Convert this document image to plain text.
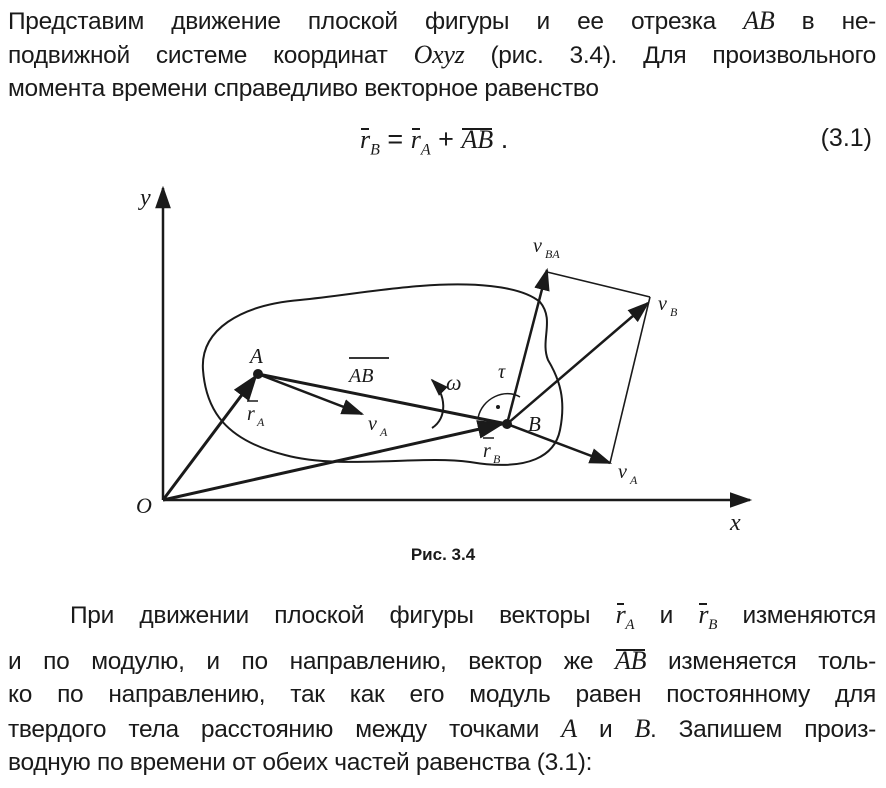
Представим движение плоской фигуры и ее отрезка AB в не-
подвижной системе координат Oxyz (рис. 3.4). Для произвольного
момента времени справедливо векторное равенство
$r_B = r_A$ + AB .	(3.1)
y
x
O
A
B
AB
r A
r B
v A
v A
v B
v BA
ω τ
Рис. 3.4
При движении плоской фигуры векторы $r_A$ и $r_B$ изменяются
и по модулю, и по направлению, вектор же AB изменяется толь-
ко по направлению, так как его модуль равен постоянному для
твердого тела расстоянию между точками A и B. Запишем произ-
водную по времени от обеих частей равенства (3.1):
